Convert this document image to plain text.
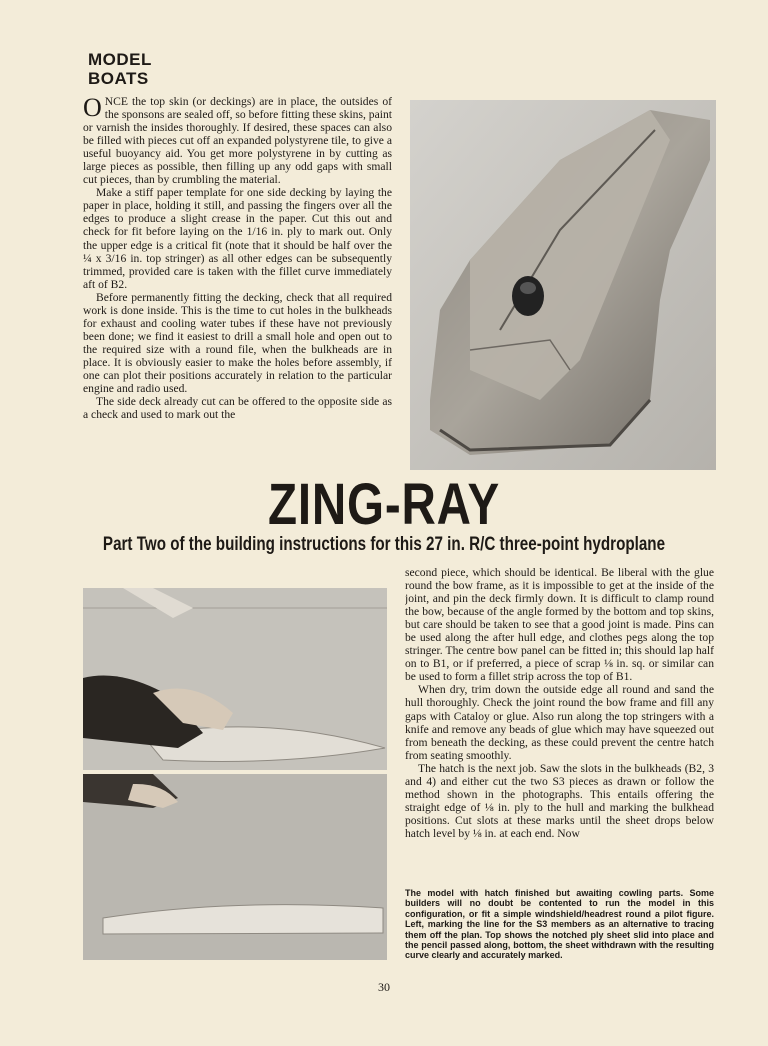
MODEL
BOATS

ONCE the top skin (or deckings) are in place, the outsides of the sponsons are sealed off, so before fitting these skins, paint or varnish the insides thoroughly. If desired, these spaces can also be filled with pieces cut off an expanded polystyrene tile, to give a useful buoyancy aid. You get more polystyrene in by cutting as large pieces as possible, then filling up any odd gaps with small cut pieces, than by crumbling the material.

Make a stiff paper template for one side decking by laying the paper in place, holding it still, and passing the fingers over all the edges to produce a slight crease in the paper. Cut this out and check for fit before laying on the 1/16 in. ply to mark out. Only the upper edge is a critical fit (note that it should be half over the ¼ x 3/16 in. top stringer) as all other edges can be subsequently trimmed, provided care is taken with the fillet curve immediately aft of B2.

Before permanently fitting the decking, check that all required work is done inside. This is the time to cut holes in the bulkheads for exhaust and cooling water tubes if these have not previously been done; we find it easiest to drill a small hole and open out to the required size with a round file, when the bulkheads are in place. It is obviously easier to make the holes before assembly, if one can plot their positions accurately in relation to the particular engine and radio used.

The side deck already cut can be offered to the opposite side as a check and used to mark out the

ZING-RAY
Part Two of the building instructions for this 27 in. R/C three-point hydroplane

second piece, which should be identical. Be liberal with the glue round the bow frame, as it is impossible to get at the inside of the joint, and pin the deck firmly down. It is difficult to clamp round the bow, because of the angle formed by the bottom and top skins, but care should be taken to see that a good joint is made. Pins can be used along the after hull edge, and clothes pegs along the top stringer. The centre bow panel can be fitted in; this should lap half on to B1, or if preferred, a piece of scrap ⅛ in. sq. or similar can be used to form a fillet strip across the top of B1.

When dry, trim down the outside edge all round and sand the hull thoroughly. Check the joint round the bow frame and fill any gaps with Cataloy or glue. Also run along the top stringers with a knife and remove any beads of glue which may have squeezed out from beneath the decking, as these could prevent the centre hatch from seating smoothly.

The hatch is the next job. Saw the slots in the bulkheads (B2, 3 and 4) and either cut the two S3 pieces as drawn or follow the method shown in the photographs. This entails offering the straight edge of ⅛ in. ply to the hull and marking the bulkhead positions. Cut slots at these marks until the sheet drops below hatch level by ⅛ in. at each end. Now

The model with hatch finished but awaiting cowling parts. Some builders will no doubt be contented to run the model in this configuration, or fit a simple windshield/headrest round a pilot figure. Left, marking the line for the S3 members as an alternative to tracing them off the plan. Top shows the notched ply sheet slid into place and the pencil passed along, bottom, the sheet withdrawn with the resulting curve clearly and accurately marked.
30
